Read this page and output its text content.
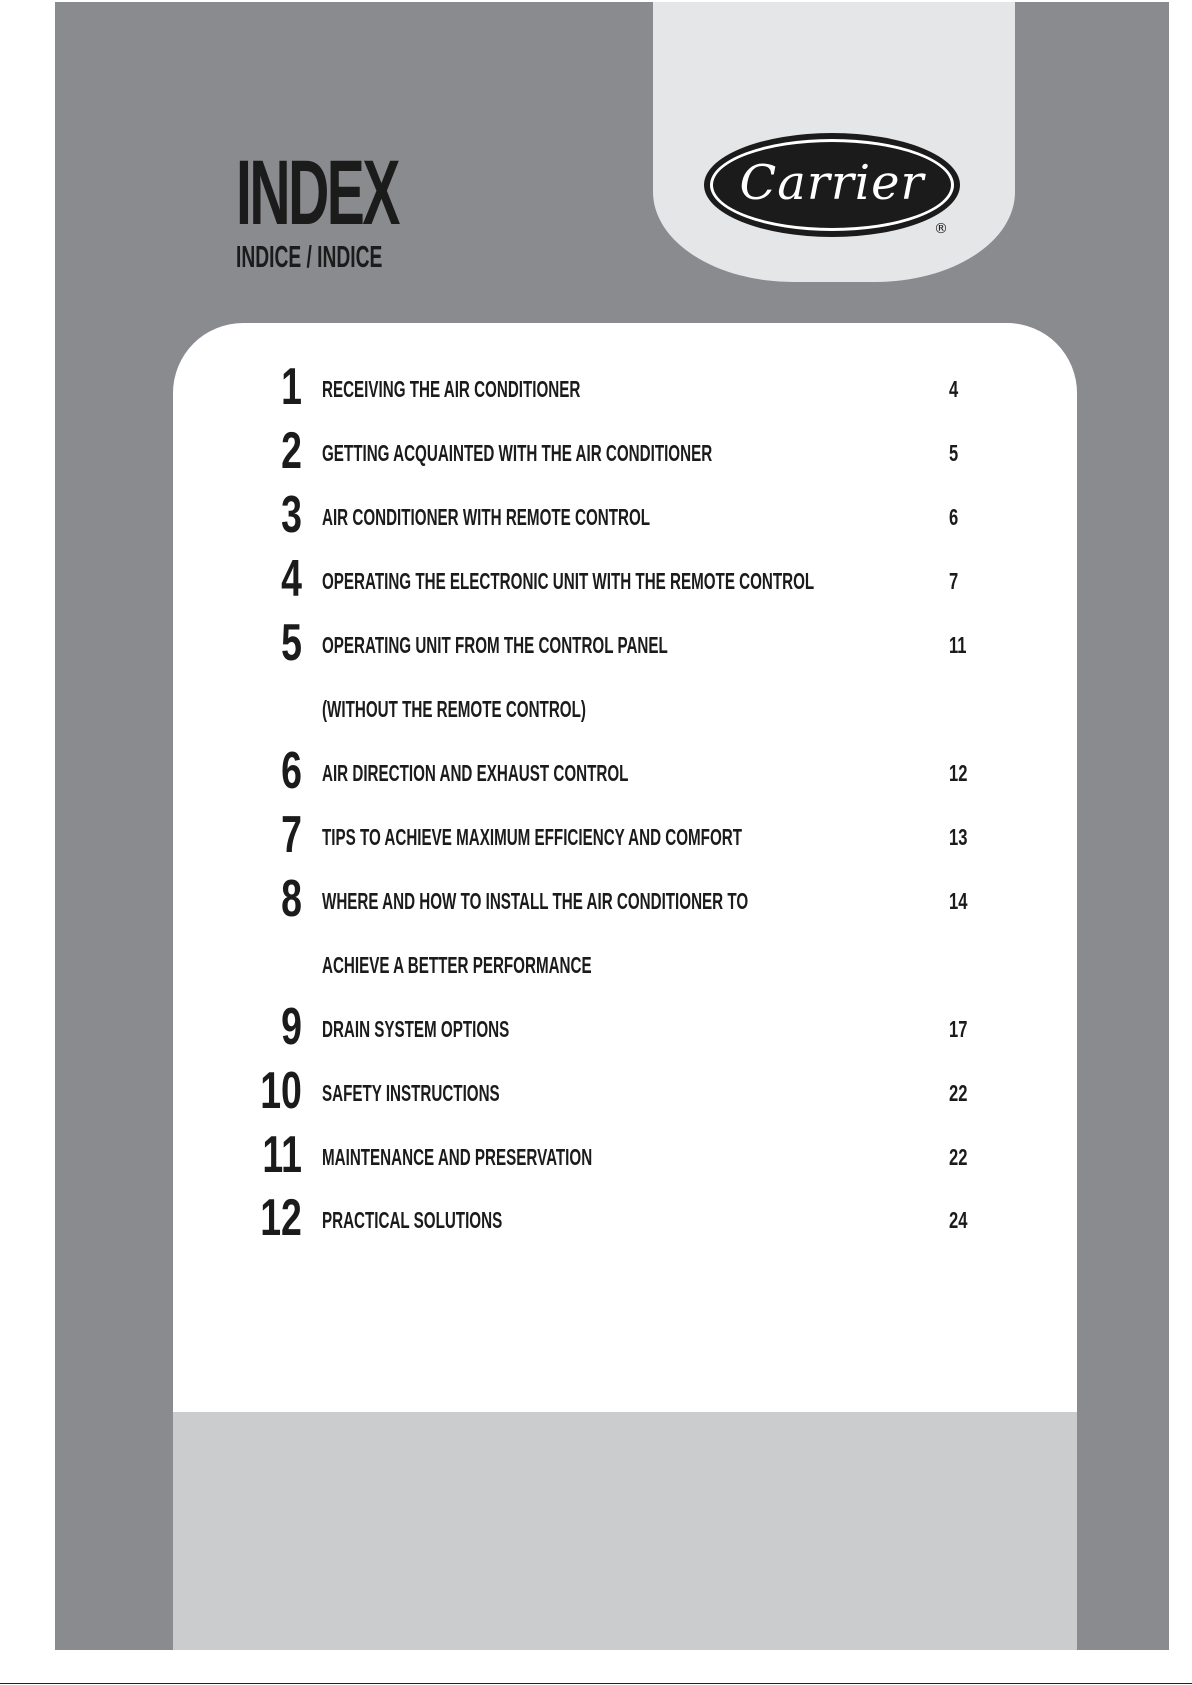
Carrier
®
INDEX
INDICE / INDICE
1 RECEIVING THE AIR CONDITIONER	4
2 GETTING ACQUAINTED WITH THE AIR CONDITIONER	5
3 AIR CONDITIONER WITH REMOTE CONTROL	6
4 OPERATING THE ELECTRONIC UNIT WITH THE REMOTE CONTROL	7
5 OPERATING UNIT FROM THE CONTROL PANEL	11
(WITHOUT THE REMOTE CONTROL)
6 AIR DIRECTION AND EXHAUST CONTROL	12
7 TIPS TO ACHIEVE MAXIMUM EFFICIENCY AND COMFORT	13
8 WHERE AND HOW TO INSTALL THE AIR CONDITIONER TO	14
ACHIEVE A BETTER PERFORMANCE
9 DRAIN SYSTEM OPTIONS	17
10 SAFETY INSTRUCTIONS	22
11 MAINTENANCE AND PRESERVATION	22
12 PRACTICAL SOLUTIONS	24
